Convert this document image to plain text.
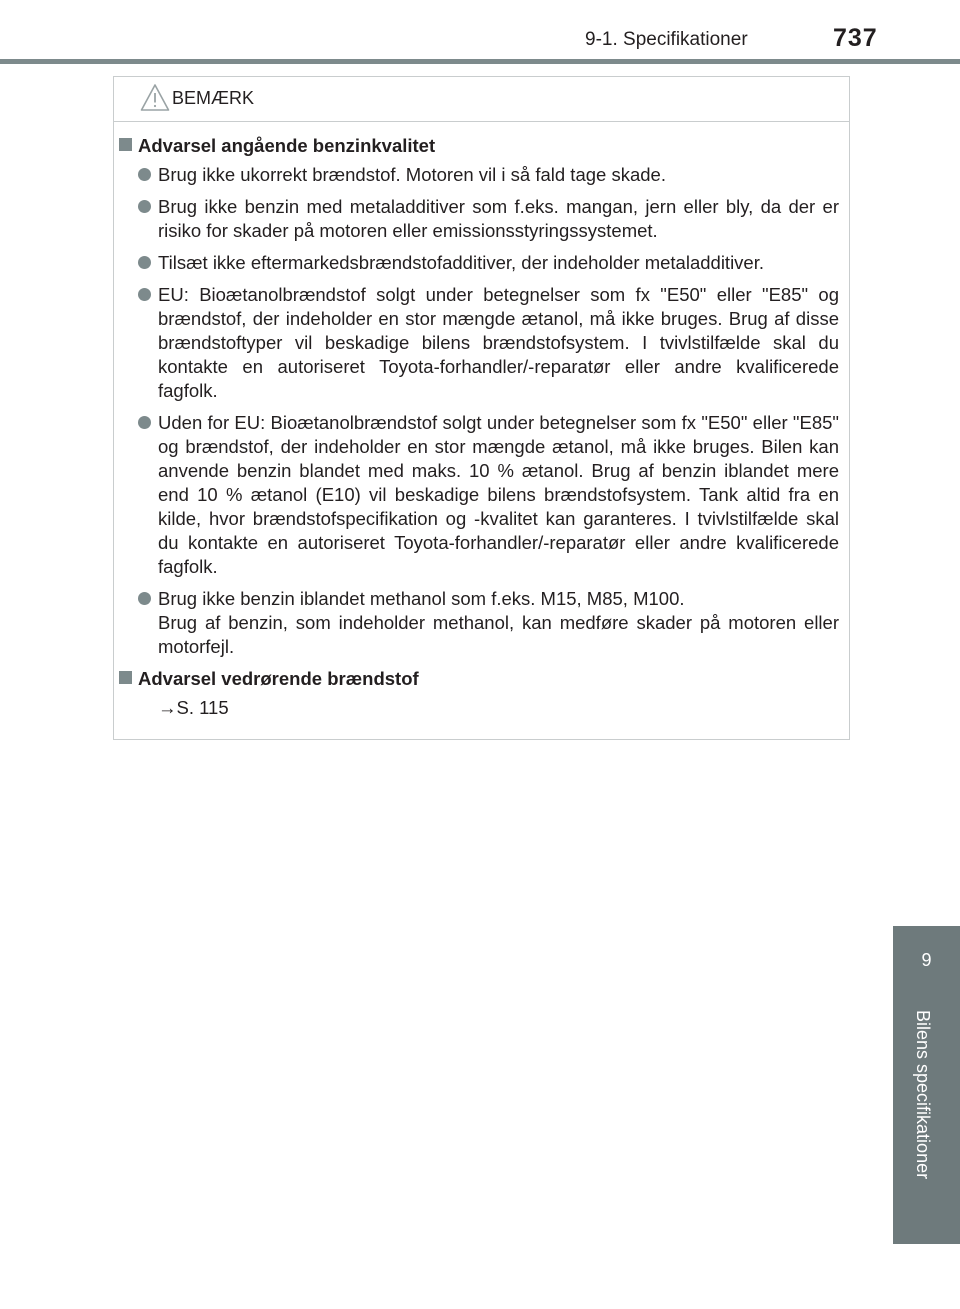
9-1. Specifikationer	737
9
Bilens specifikationer
BEMÆRK
Advarsel angående benzinkvalitet

Brug ikke ukorrekt brændstof. Motoren vil i så fald tage skade.

Brug ikke benzin med metaladditiver som f.eks. mangan, jern eller bly, da der er risiko for skader på motoren eller emissionsstyringssystemet.

Tilsæt ikke eftermarkedsbrændstofadditiver, der indeholder metaladditiver.

EU: Bioætanolbrændstof solgt under betegnelser som fx "E50" eller "E85" og brændstof, der indeholder en stor mængde ætanol, må ikke bruges. Brug af disse brændstoftyper vil beskadige bilens brændstofsystem. I tvivlstilfælde skal du kontakte en autoriseret Toyota-forhandler/-reparatør eller andre kvalificerede fagfolk.

Uden for EU: Bioætanolbrændstof solgt under betegnelser som fx "E50" eller "E85" og brændstof, der indeholder en stor mængde ætanol, må ikke bruges. Bilen kan anvende benzin blandet med maks. 10 % ætanol. Brug af benzin iblandet mere end 10 % ætanol (E10) vil beskadige bilens brændstofsystem. Tank altid fra en kilde, hvor brændstofspecifikation og -kvalitet kan garanteres. I tvivlstilfælde skal du kontakte en autoriseret Toyota-forhandler/-reparatør eller andre kvalificerede fagfolk.

Brug ikke benzin iblandet methanol som f.eks. M15, M85, M100.

Brug af benzin, som indeholder methanol, kan medføre skader på motoren eller motorfejl.

Advarsel vedrørende brændstof

→S. 115
